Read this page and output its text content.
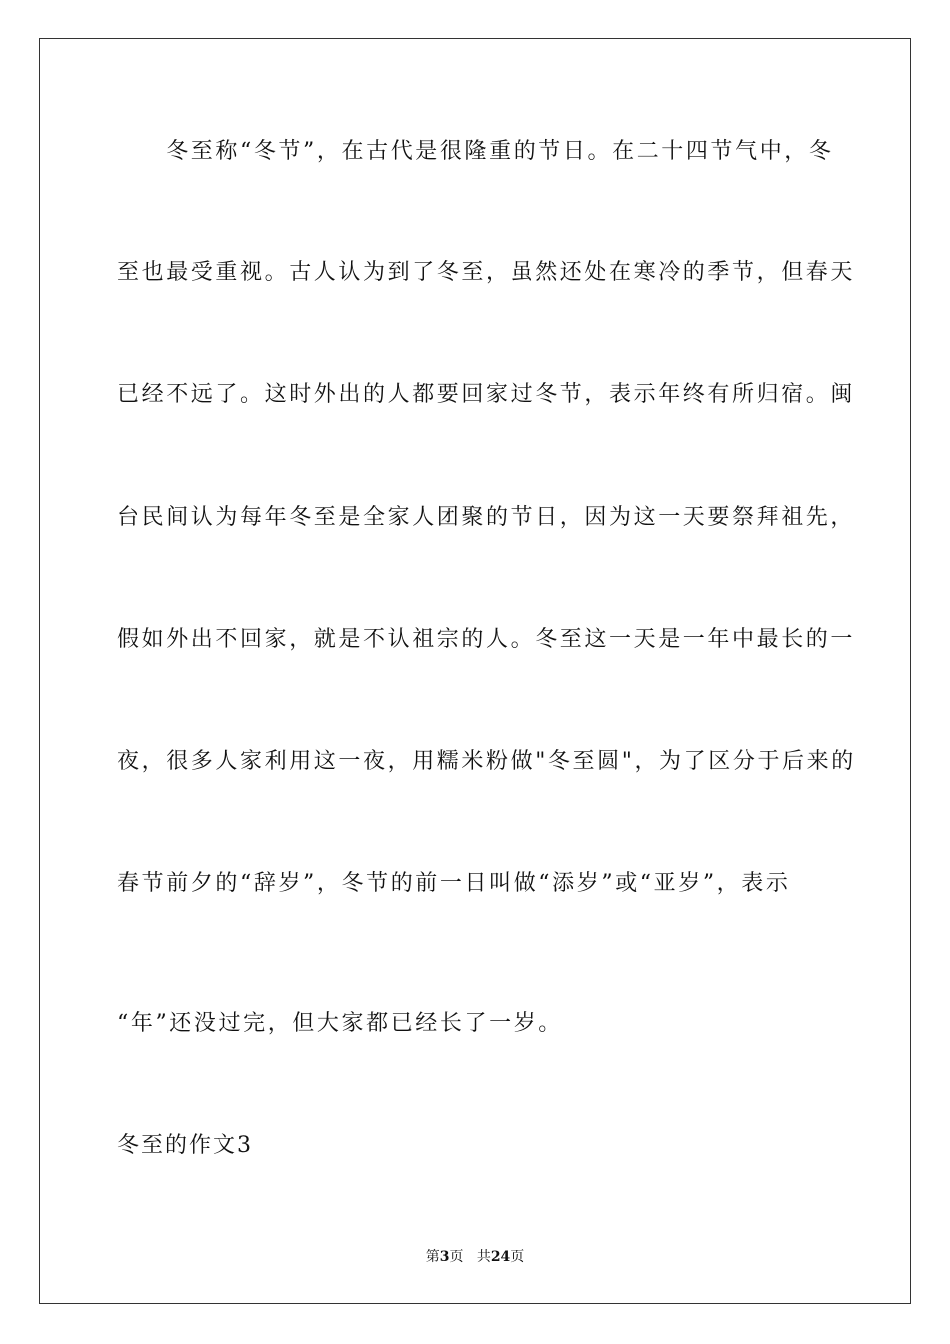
　　冬至称“冬节”，在古代是很隆重的节日。在二十四节气中，冬
至也最受重视。古人认为到了冬至，虽然还处在寒冷的季节，但春天
已经不远了。这时外出的人都要回家过冬节，表示年终有所归宿。闽
台民间认为每年冬至是全家人团聚的节日，因为这一天要祭拜祖先，
假如外出不回家，就是不认祖宗的人。冬至这一天是一年中最长的一
夜，很多人家利用这一夜，用糯米粉做"冬至圆"，为了区分于后来的
春节前夕的“辞岁”，冬节的前一日叫做“添岁”或“亚岁”，表示
“年”还没过完，但大家都已经长了一岁。
冬至的作文3
第3页 共24页
